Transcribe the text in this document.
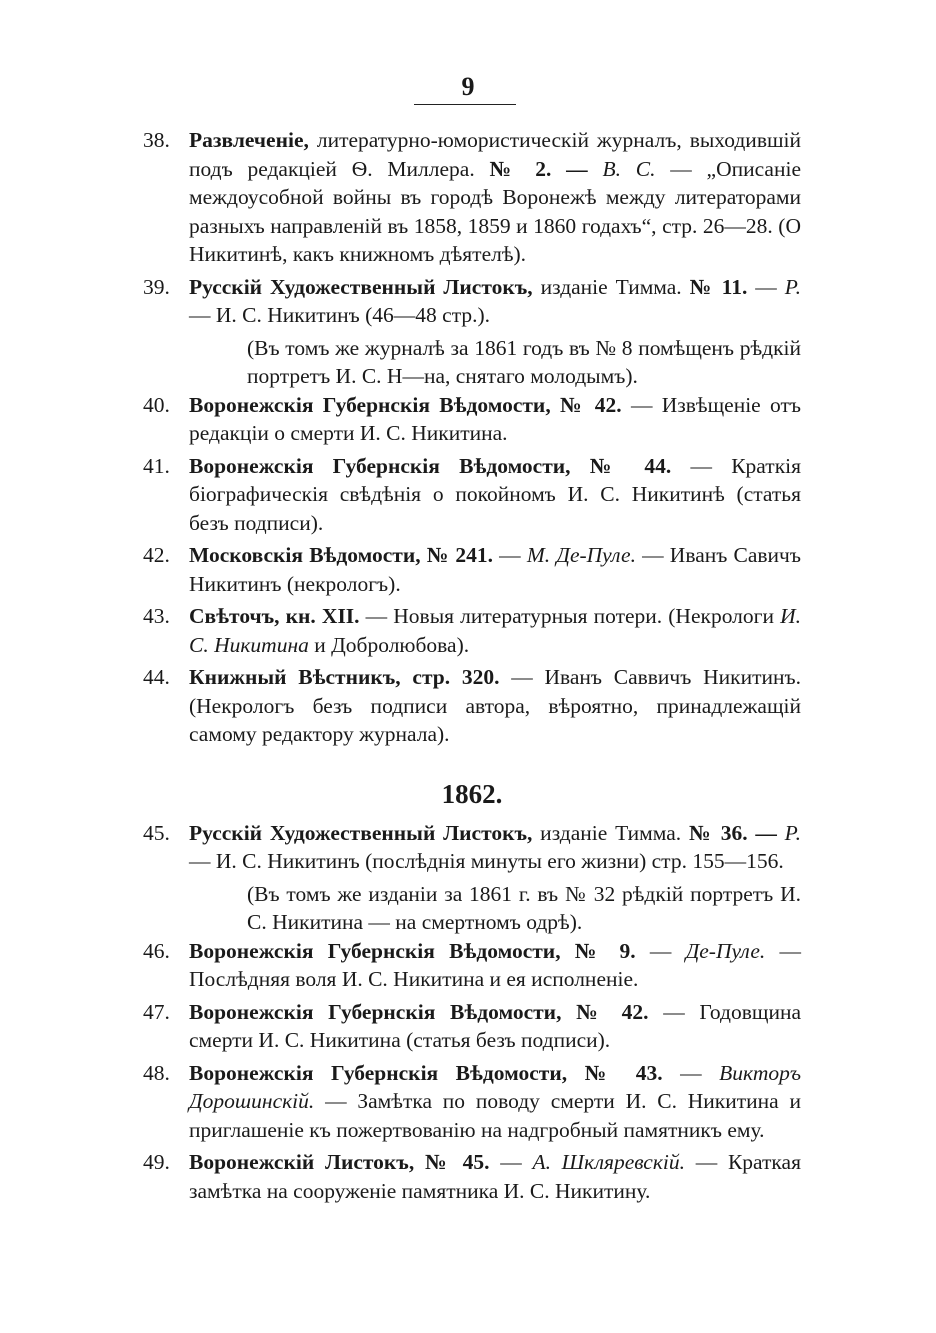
9
38. Развлеченіе, литературно-юмористическій журналъ, выходившій подъ редакціей Ѳ. Миллера. № 2. — В. С. — „Описаніе междоусобной войны въ городѣ Воронежѣ между литераторами разныхъ направленій въ 1858, 1859 и 1860 годахъ“, стр. 26—28. (О Никитинѣ, какъ книжномъ дѣятелѣ).
39. Русскій Художественный Листокъ, изданіе Тимма. № 11. — Р. — И. С. Никитинъ (46—48 стр.).
(Въ томъ же журналѣ за 1861 годъ въ № 8 помѣщенъ рѣдкій портретъ И. С. Н—на, снятаго молодымъ).
40. Воронежскія Губернскія Вѣдомости, № 42. — Извѣщеніе отъ редакціи о смерти И. С. Никитина.
41. Воронежскія Губернскія Вѣдомости, № 44. — Краткія біографическія свѣдѣнія о покойномъ И. С. Никитинѣ (статья безъ подписи).
42. Московскія Вѣдомости, № 241. — М. Де-Пуле. — Иванъ Савичъ Никитинъ (некрологъ).
43. Свѣточъ, кн. XII. — Новыя литературныя потери. (Некрологи И. С. Никитина и Добролюбова).
44. Книжный Вѣстникъ, стр. 320. — Иванъ Саввичъ Никитинъ. (Некрологъ безъ подписи автора, вѣроятно, принадлежащій самому редактору журнала).
1862.
45. Русскій Художественный Листокъ, изданіе Тимма. № 36. — Р. — И. С. Никитинъ (послѣднія минуты его жизни) стр. 155—156.
(Въ томъ же изданіи за 1861 г. въ № 32 рѣдкій портретъ И. С. Никитина — на смертномъ одрѣ).
46. Воронежскія Губернскія Вѣдомости, № 9. — Де-Пуле. — Послѣдняя воля И. С. Никитина и ея исполненіе.
47. Воронежскія Губернскія Вѣдомости, № 42. — Годовщина смерти И. С. Никитина (статья безъ подписи).
48. Воронежскія Губернскія Вѣдомости, № 43. — Викторъ Дорошинскій. — Замѣтка по поводу смерти И. С. Никитина и приглашеніе къ пожертвованію на надгробный памятникъ ему.
49. Воронежскій Листокъ, № 45. — А. Шкляревскій. — Краткая замѣтка на сооруженіе памятника И. С. Никитину.
